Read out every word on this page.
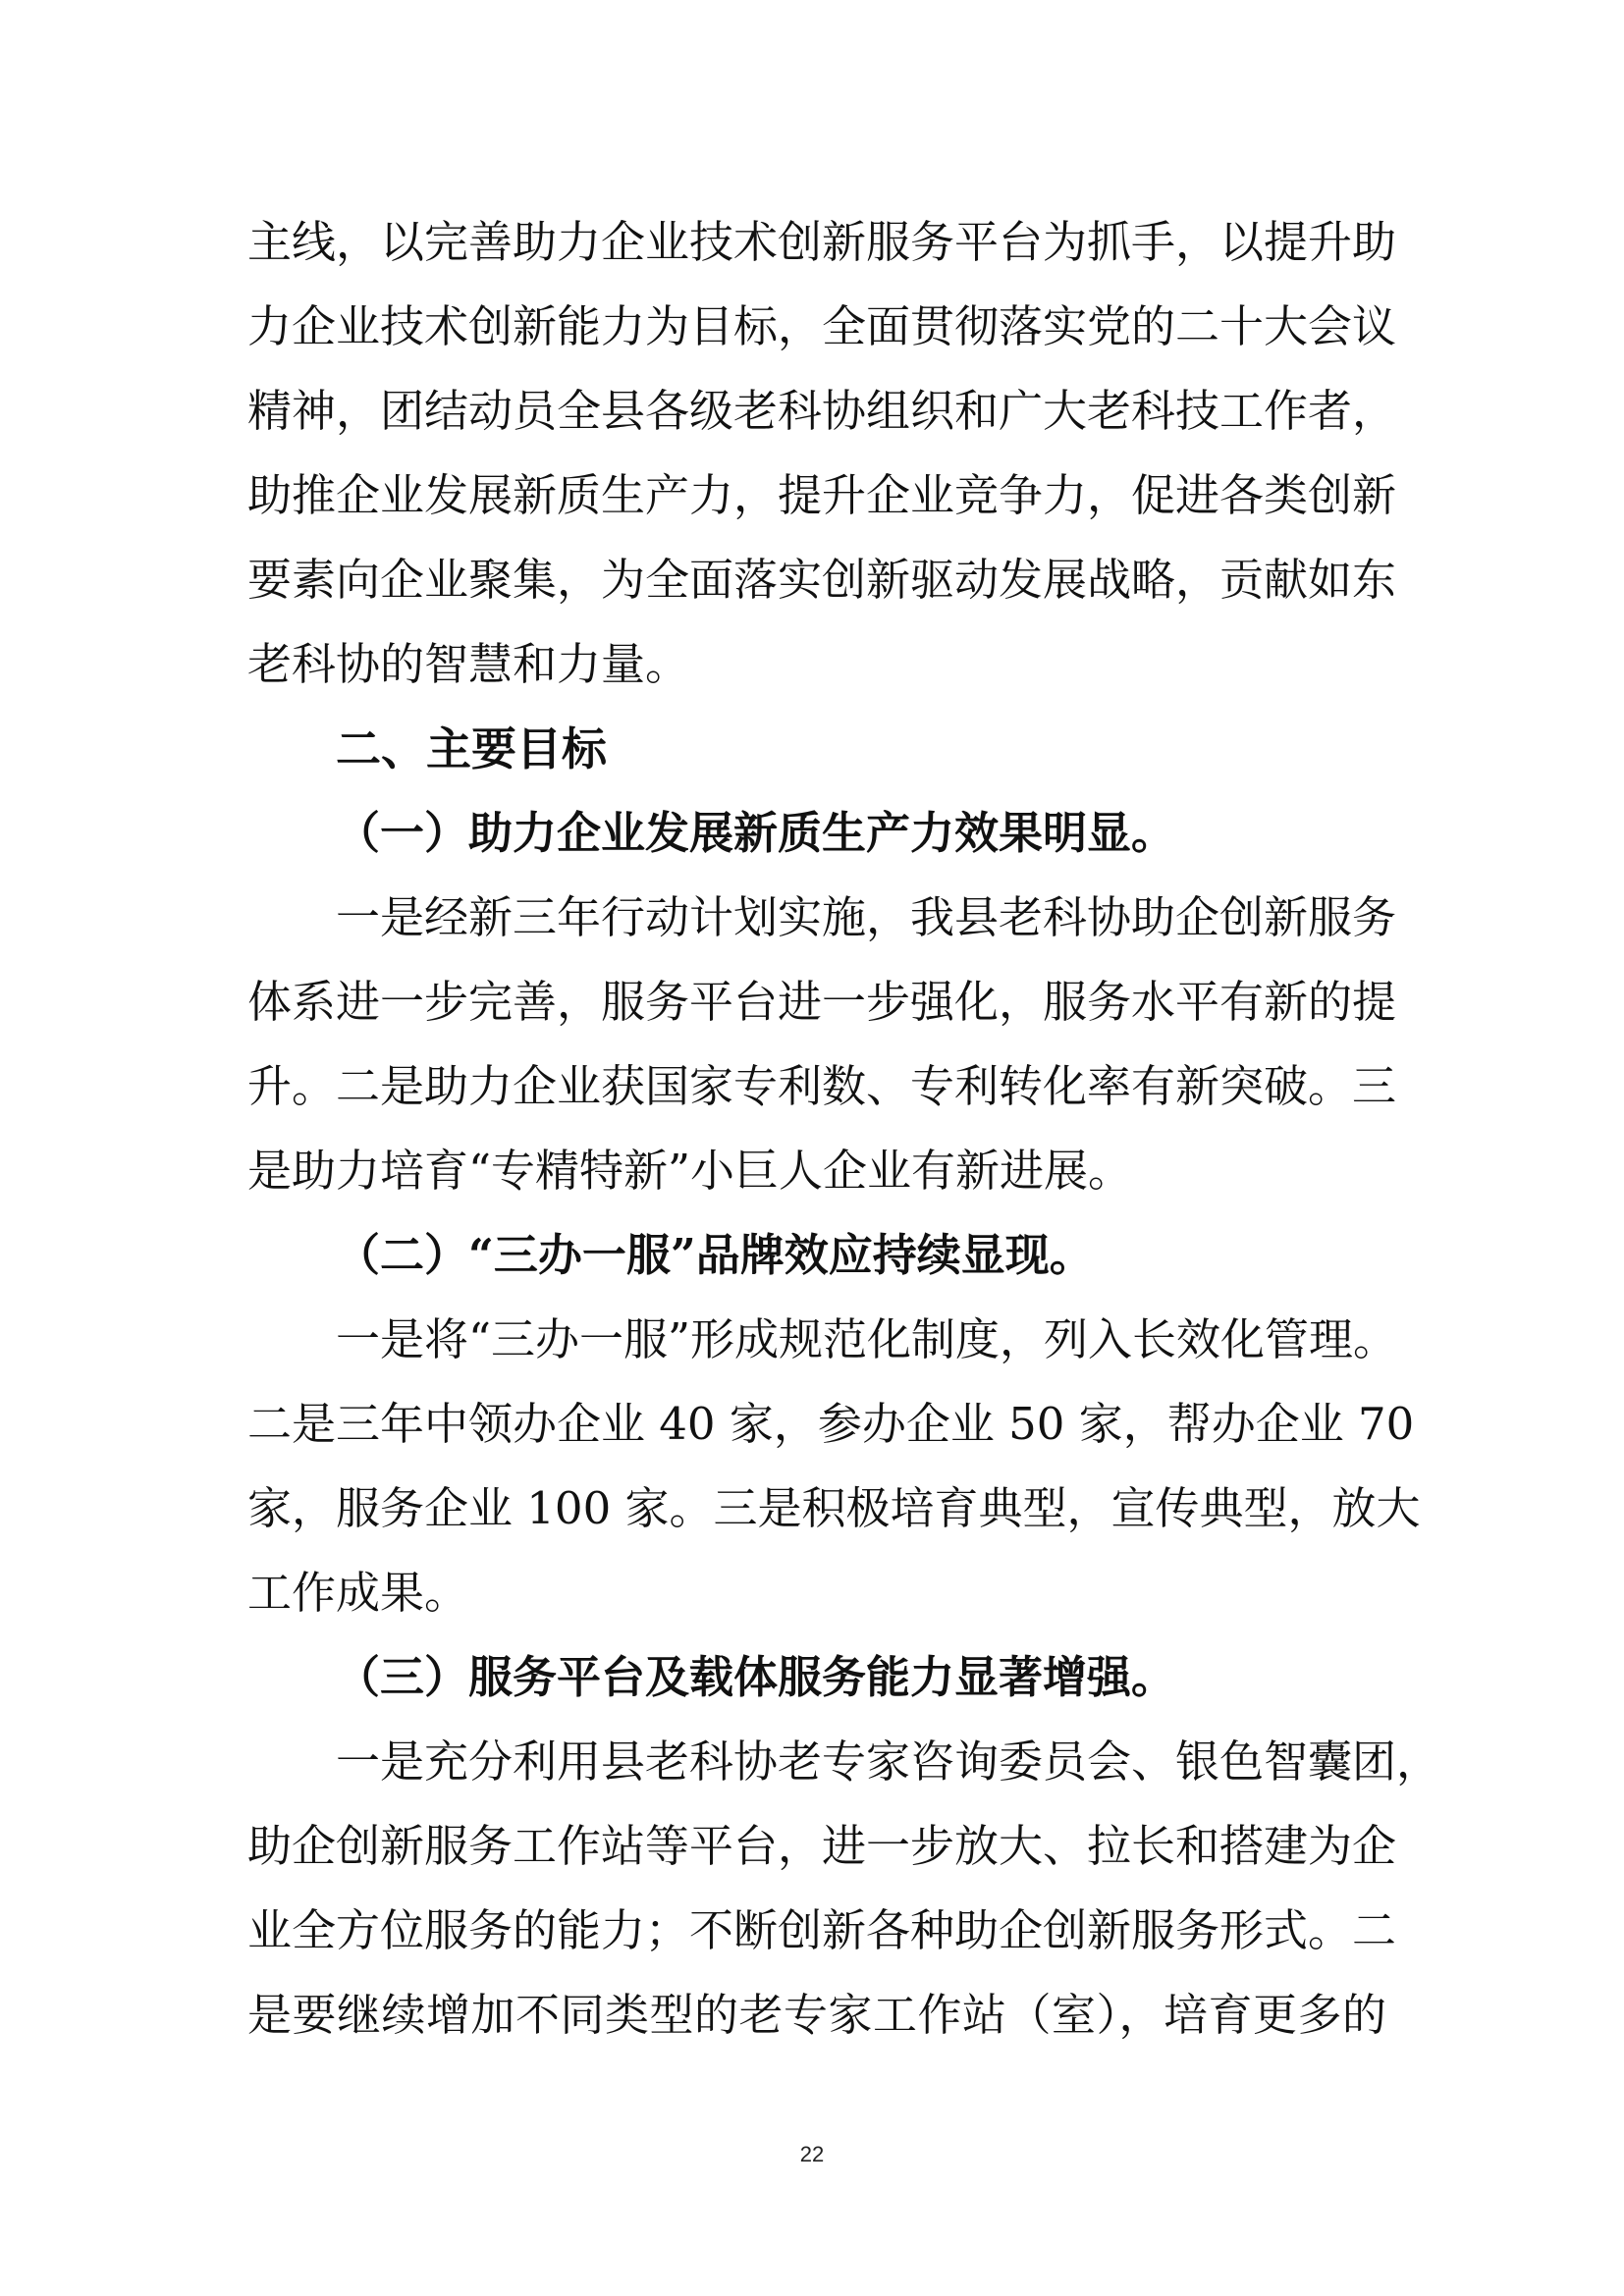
主线，以完善助力企业技术创新服务平台为抓手，以提升助
力企业技术创新能力为目标，全面贯彻落实党的二十大会议
精神，团结动员全县各级老科协组织和广大老科技工作者，
助推企业发展新质生产力，提升企业竞争力，促进各类创新
要素向企业聚集，为全面落实创新驱动发展战略，贡献如东
老科协的智慧和力量。
二、主要目标
（一）助力企业发展新质生产力效果明显。
一是经新三年行动计划实施，我县老科协助企创新服务
体系进一步完善，服务平台进一步强化，服务水平有新的提
升。二是助力企业获国家专利数、专利转化率有新突破。三
是助力培育“专精特新”小巨人企业有新进展。
（二）“三办一服”品牌效应持续显现。
一是将“三办一服”形成规范化制度，列入长效化管理。
二是三年中领办企业 40 家，参办企业 50 家，帮办企业 70
家，服务企业 100 家。三是积极培育典型，宣传典型，放大
工作成果。
（三）服务平台及载体服务能力显著增强。
一是充分利用县老科协老专家咨询委员会、银色智囊团，
助企创新服务工作站等平台，进一步放大、拉长和搭建为企
业全方位服务的能力；不断创新各种助企创新服务形式。二
是要继续增加不同类型的老专家工作站（室），培育更多的
22
